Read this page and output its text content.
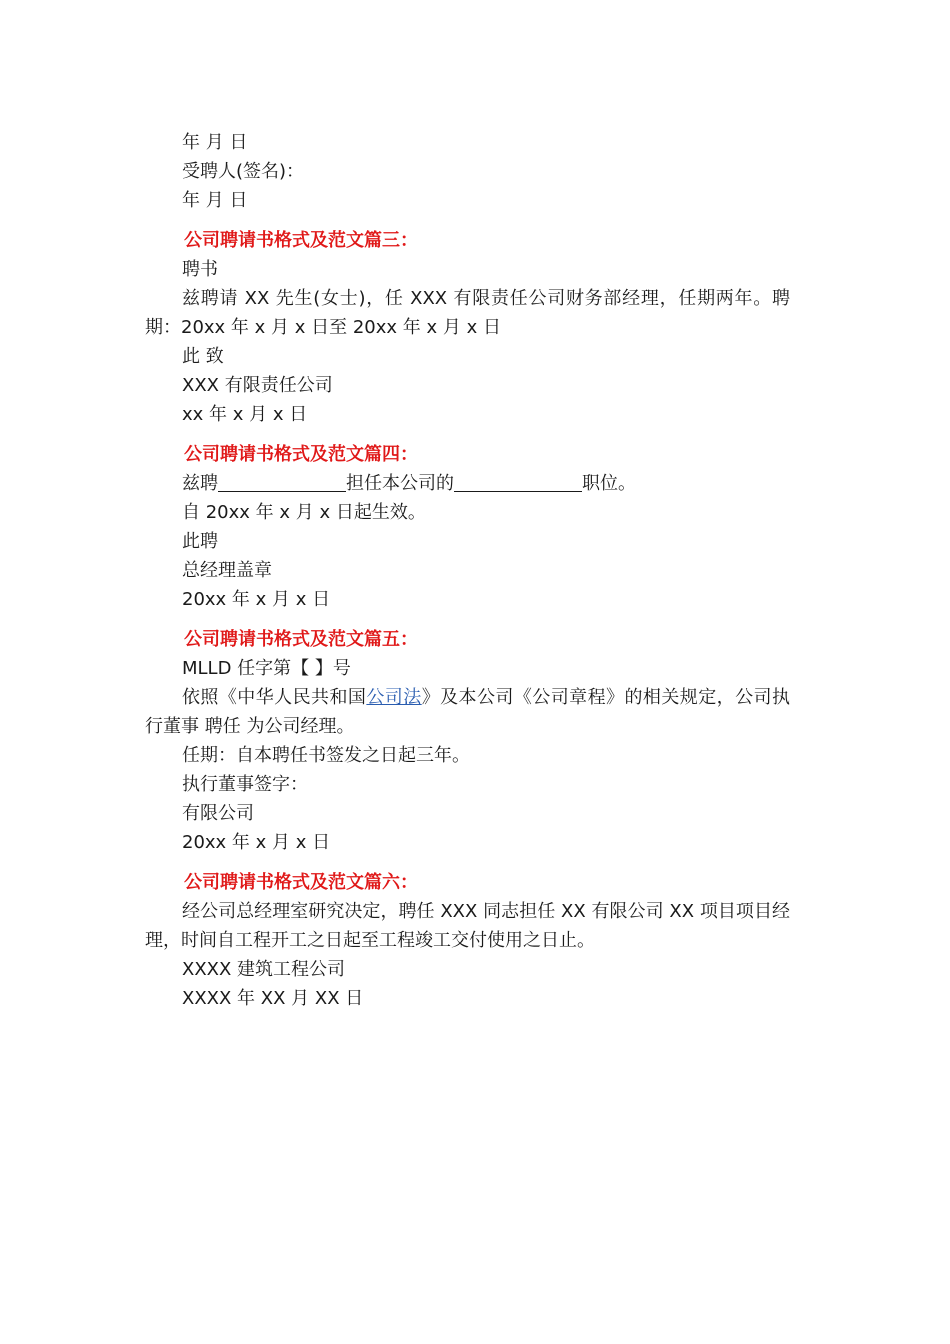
年 月 日
受聘人(签名)：
年 月 日
公司聘请书格式及范文篇三：
聘书
兹聘请 XX 先生(女士)，任 XXX 有限责任公司财务部经理，任期两年。聘期：20xx 年 x 月 x 日至 20xx 年 x 月 x 日
此 致
XXX 有限责任公司
xx 年 x 月 x 日
公司聘请书格式及范文篇四：
兹聘	担任本公司的	职位。
自 20xx 年 x 月 x 日起生效。
此聘
总经理盖章
20xx 年 x 月 x 日
公司聘请书格式及范文篇五：
MLLD 任字第【 】号
依照《中华人民共和国公司法》及本公司《公司章程》的相关规定，公司执行董事 聘任 为公司经理。
任期：自本聘任书签发之日起三年。
执行董事签字：
有限公司
20xx 年 x 月 x 日
公司聘请书格式及范文篇六：
经公司总经理室研究决定，聘任 XXX 同志担任 XX 有限公司 XX 项目项目经理，时间自工程开工之日起至工程竣工交付使用之日止。
XXXX 建筑工程公司
XXXX 年 XX 月 XX 日
